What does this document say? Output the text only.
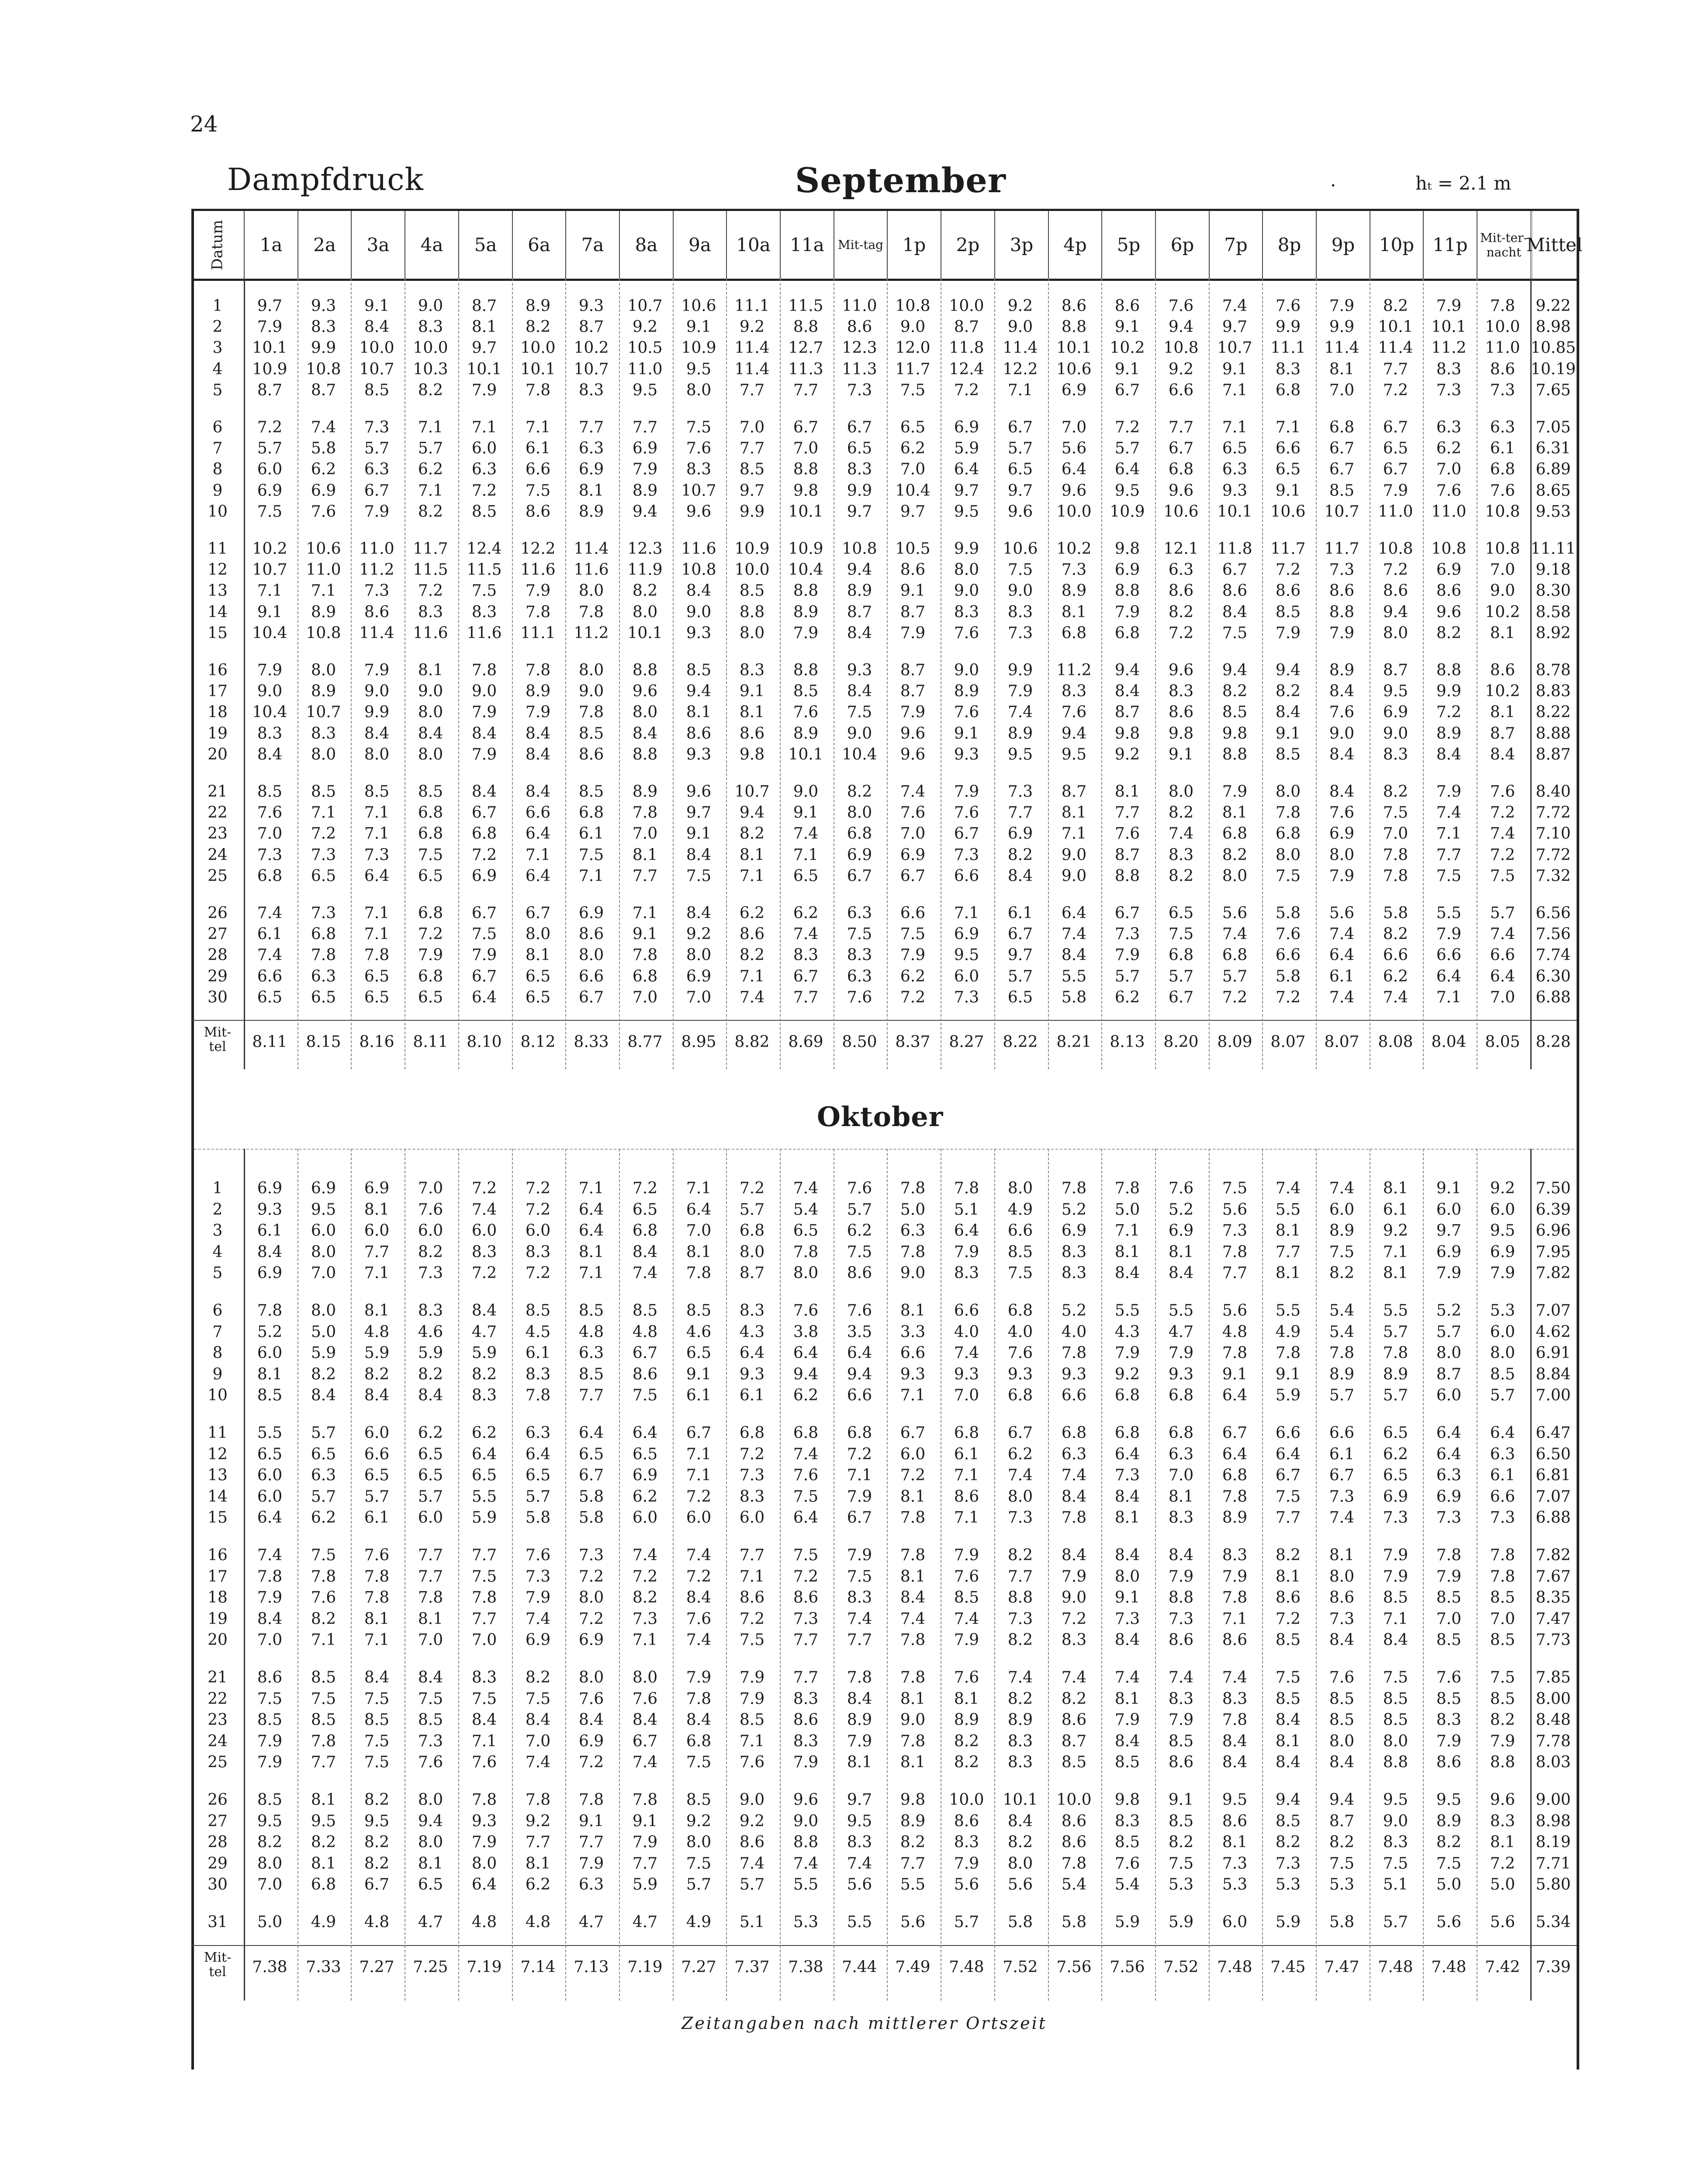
24
Dampfdruck	September	·	hₜ = 2.1 m
Datum 1a 2a 3a 4a 5a 6a 7a 8a 9a 10a 11a Mit-tag 1p 2p 3p 4p 5p 6p 7p 8p 9p 10p 11p Mit-ter-nacht Mittel
1	9.7	9.3	9.1	9.0	8.7	8.9	9.3	10.7	10.6	11.1	11.5	11.0	10.8	10.0	9.2	8.6	8.6	7.6	7.4	7.6	7.9	8.2	7.9	7.8	9.22
2	7.9	8.3	8.4	8.3	8.1	8.2	8.7	9.2	9.1	9.2	8.8	8.6	9.0	8.7	9.0	8.8	9.1	9.4	9.7	9.9	9.9	10.1	10.1	10.0 8.98
3	10.1	9.9	10.0	10.0	9.7	10.0	10.2	10.5	10.9	11.4	12.7	12.3	12.0	11.8	11.4	10.1	10.2	10.8	10.7	11.1	11.4	11.4	11.2	11.0 10.85
4	10.9	10.8	10.7	10.3	10.1	10.1	10.7	11.0	9.5	11.4	11.3	11.3	11.7	12.4	12.2	10.6	9.1	9.2	9.1	8.3	8.1	7.7	8.3	8.6 10.19
5	8.7	8.7	8.5	8.2	7.9	7.8	8.3	9.5	8.0	7.7	7.7	7.3	7.5	7.2	7.1	6.9	6.7	6.6	7.1	6.8	7.0	7.2	7.3	7.3	7.65
6	7.2	7.4	7.3	7.1	7.1	7.1	7.7	7.7	7.5	7.0	6.7	6.7	6.5	6.9	6.7	7.0	7.2	7.7	7.1	7.1	6.8	6.7	6.3	6.3	7.05
7	5.7	5.8	5.7	5.7	6.0	6.1	6.3	6.9	7.6	7.7	7.0	6.5	6.2	5.9	5.7	5.6	5.7	6.7	6.5	6.6	6.7	6.5	6.2	6.1	6.31
8	6.0	6.2	6.3	6.2	6.3	6.6	6.9	7.9	8.3	8.5	8.8	8.3	7.0	6.4	6.5	6.4	6.4	6.8	6.3	6.5	6.7	6.7	7.0	6.8	6.89
9	6.9	6.9	6.7	7.1	7.2	7.5	8.1	8.9	10.7	9.7	9.8	9.9	10.4	9.7	9.7	9.6	9.5	9.6	9.3	9.1	8.5	7.9	7.6	7.6	8.65
10	7.5	7.6	7.9	8.2	8.5	8.6	8.9	9.4	9.6	9.9	10.1	9.7	9.7	9.5	9.6	10.0	10.9	10.6	10.1	10.6	10.7	11.0	11.0	10.8 9.53
11	10.2	10.6	11.0	11.7	12.4	12.2	11.4	12.3	11.6	10.9	10.9	10.8	10.5	9.9	10.6	10.2	9.8	12.1	11.8	11.7	11.7	10.8	10.8	10.8 11.11
12	10.7	11.0	11.2	11.5	11.5	11.6	11.6	11.9	10.8	10.0	10.4	9.4	8.6	8.0	7.5	7.3	6.9	6.3	6.7	7.2	7.3	7.2	6.9	7.0	9.18
13	7.1	7.1	7.3	7.2	7.5	7.9	8.0	8.2	8.4	8.5	8.8	8.9	9.1	9.0	9.0	8.9	8.8	8.6	8.6	8.6	8.6	8.6	8.6	9.0	8.30
14	9.1	8.9	8.6	8.3	8.3	7.8	7.8	8.0	9.0	8.8	8.9	8.7	8.7	8.3	8.3	8.1	7.9	8.2	8.4	8.5	8.8	9.4	9.6	10.2 8.58
15	10.4	10.8	11.4	11.6	11.6	11.1	11.2	10.1	9.3	8.0	7.9	8.4	7.9	7.6	7.3	6.8	6.8	7.2	7.5	7.9	7.9	8.0	8.2	8.1	8.92
16	7.9	8.0	7.9	8.1	7.8	7.8	8.0	8.8	8.5	8.3	8.8	9.3	8.7	9.0	9.9	11.2	9.4	9.6	9.4	9.4	8.9	8.7	8.8	8.6	8.78
17	9.0	8.9	9.0	9.0	9.0	8.9	9.0	9.6	9.4	9.1	8.5	8.4	8.7	8.9	7.9	8.3	8.4	8.3	8.2	8.2	8.4	9.5	9.9	10.2 8.83
18	10.4	10.7	9.9	8.0	7.9	7.9	7.8	8.0	8.1	8.1	7.6	7.5	7.9	7.6	7.4	7.6	8.7	8.6	8.5	8.4	7.6	6.9	7.2	8.1	8.22
19	8.3	8.3	8.4	8.4	8.4	8.4	8.5	8.4	8.6	8.6	8.9	9.0	9.6	9.1	8.9	9.4	9.8	9.8	9.8	9.1	9.0	9.0	8.9	8.7	8.88
20	8.4	8.0	8.0	8.0	7.9	8.4	8.6	8.8	9.3	9.8	10.1	10.4	9.6	9.3	9.5	9.5	9.2	9.1	8.8	8.5	8.4	8.3	8.4	8.4	8.87
21	8.5	8.5	8.5	8.5	8.4	8.4	8.5	8.9	9.6	10.7	9.0	8.2	7.4	7.9	7.3	8.7	8.1	8.0	7.9	8.0	8.4	8.2	7.9	7.6	8.40
22	7.6	7.1	7.1	6.8	6.7	6.6	6.8	7.8	9.7	9.4	9.1	8.0	7.6	7.6	7.7	8.1	7.7	8.2	8.1	7.8	7.6	7.5	7.4	7.2	7.72
23	7.0	7.2	7.1	6.8	6.8	6.4	6.1	7.0	9.1	8.2	7.4	6.8	7.0	6.7	6.9	7.1	7.6	7.4	6.8	6.8	6.9	7.0	7.1	7.4	7.10
24	7.3	7.3	7.3	7.5	7.2	7.1	7.5	8.1	8.4	8.1	7.1	6.9	6.9	7.3	8.2	9.0	8.7	8.3	8.2	8.0	8.0	7.8	7.7	7.2	7.72
25	6.8	6.5	6.4	6.5	6.9	6.4	7.1	7.7	7.5	7.1	6.5	6.7	6.7	6.6	8.4	9.0	8.8	8.2	8.0	7.5	7.9	7.8	7.5	7.5	7.32
26	7.4	7.3	7.1	6.8	6.7	6.7	6.9	7.1	8.4	6.2	6.2	6.3	6.6	7.1	6.1	6.4	6.7	6.5	5.6	5.8	5.6	5.8	5.5	5.7	6.56
27	6.1	6.8	7.1	7.2	7.5	8.0	8.6	9.1	9.2	8.6	7.4	7.5	7.5	6.9	6.7	7.4	7.3	7.5	7.4	7.6	7.4	8.2	7.9	7.4	7.56
28	7.4	7.8	7.8	7.9	7.9	8.1	8.0	7.8	8.0	8.2	8.3	8.3	7.9	9.5	9.7	8.4	7.9	6.8	6.8	6.6	6.4	6.6	6.6	6.6	7.74
29	6.6	6.3	6.5	6.8	6.7	6.5	6.6	6.8	6.9	7.1	6.7	6.3	6.2	6.0	5.7	5.5	5.7	5.7	5.7	5.8	6.1	6.2	6.4	6.4	6.30
30	6.5	6.5	6.5	6.5	6.4	6.5	6.7	7.0	7.0	7.4	7.7	7.6	7.2	7.3	6.5	5.8	6.2	6.7	7.2	7.2	7.4	7.4	7.1	7.0	6.88
Mit-tel	8.11	8.15	8.16	8.11	8.10	8.12	8.33	8.77	8.95	8.82	8.69	8.50	8.37	8.27	8.22	8.21	8.13	8.20	8.09	8.07	8.07	8.08	8.04	8.05 8.28
Oktober
1	6.9	6.9	6.9	7.0	7.2	7.2	7.1	7.2	7.1	7.2	7.4	7.6	7.8	7.8	8.0	7.8	7.8	7.6	7.5	7.4	7.4	8.1	9.1	9.2	7.50
2	9.3	9.5	8.1	7.6	7.4	7.2	6.4	6.5	6.4	5.7	5.4	5.7	5.0	5.1	4.9	5.2	5.0	5.2	5.6	5.5	6.0	6.1	6.0	6.0	6.39
3	6.1	6.0	6.0	6.0	6.0	6.0	6.4	6.8	7.0	6.8	6.5	6.2	6.3	6.4	6.6	6.9	7.1	6.9	7.3	8.1	8.9	9.2	9.7	9.5	6.96
4	8.4	8.0	7.7	8.2	8.3	8.3	8.1	8.4	8.1	8.0	7.8	7.5	7.8	7.9	8.5	8.3	8.1	8.1	7.8	7.7	7.5	7.1	6.9	6.9	7.95
5	6.9	7.0	7.1	7.3	7.2	7.2	7.1	7.4	7.8	8.7	8.0	8.6	9.0	8.3	7.5	8.3	8.4	8.4	7.7	8.1	8.2	8.1	7.9	7.9	7.82
6	7.8	8.0	8.1	8.3	8.4	8.5	8.5	8.5	8.5	8.3	7.6	7.6	8.1	6.6	6.8	5.2	5.5	5.5	5.6	5.5	5.4	5.5	5.2	5.3	7.07
7	5.2	5.0	4.8	4.6	4.7	4.5	4.8	4.8	4.6	4.3	3.8	3.5	3.3	4.0	4.0	4.0	4.3	4.7	4.8	4.9	5.4	5.7	5.7	6.0	4.62
8	6.0	5.9	5.9	5.9	5.9	6.1	6.3	6.7	6.5	6.4	6.4	6.4	6.6	7.4	7.6	7.8	7.9	7.9	7.8	7.8	7.8	7.8	8.0	8.0	6.91
9	8.1	8.2	8.2	8.2	8.2	8.3	8.5	8.6	9.1	9.3	9.4	9.4	9.3	9.3	9.3	9.3	9.2	9.3	9.1	9.1	8.9	8.9	8.7	8.5	8.84
10	8.5	8.4	8.4	8.4	8.3	7.8	7.7	7.5	6.1	6.1	6.2	6.6	7.1	7.0	6.8	6.6	6.8	6.8	6.4	5.9	5.7	5.7	6.0	5.7	7.00
11	5.5	5.7	6.0	6.2	6.2	6.3	6.4	6.4	6.7	6.8	6.8	6.8	6.7	6.8	6.7	6.8	6.8	6.8	6.7	6.6	6.6	6.5	6.4	6.4	6.47
12	6.5	6.5	6.6	6.5	6.4	6.4	6.5	6.5	7.1	7.2	7.4	7.2	6.0	6.1	6.2	6.3	6.4	6.3	6.4	6.4	6.1	6.2	6.4	6.3	6.50
13	6.0	6.3	6.5	6.5	6.5	6.5	6.7	6.9	7.1	7.3	7.6	7.1	7.2	7.1	7.4	7.4	7.3	7.0	6.8	6.7	6.7	6.5	6.3	6.1	6.81
14	6.0	5.7	5.7	5.7	5.5	5.7	5.8	6.2	7.2	8.3	7.5	7.9	8.1	8.6	8.0	8.4	8.4	8.1	7.8	7.5	7.3	6.9	6.9	6.6	7.07
15	6.4	6.2	6.1	6.0	5.9	5.8	5.8	6.0	6.0	6.0	6.4	6.7	7.8	7.1	7.3	7.8	8.1	8.3	8.9	7.7	7.4	7.3	7.3	7.3	6.88
16	7.4	7.5	7.6	7.7	7.7	7.6	7.3	7.4	7.4	7.7	7.5	7.9	7.8	7.9	8.2	8.4	8.4	8.4	8.3	8.2	8.1	7.9	7.8	7.8	7.82
17	7.8	7.8	7.8	7.7	7.5	7.3	7.2	7.2	7.2	7.1	7.2	7.5	8.1	7.6	7.7	7.9	8.0	7.9	7.9	8.1	8.0	7.9	7.9	7.8	7.67
18	7.9	7.6	7.8	7.8	7.8	7.9	8.0	8.2	8.4	8.6	8.6	8.3	8.4	8.5	8.8	9.0	9.1	8.8	7.8	8.6	8.6	8.5	8.5	8.5	8.35
19	8.4	8.2	8.1	8.1	7.7	7.4	7.2	7.3	7.6	7.2	7.3	7.4	7.4	7.4	7.3	7.2	7.3	7.3	7.1	7.2	7.3	7.1	7.0	7.0	7.47
20	7.0	7.1	7.1	7.0	7.0	6.9	6.9	7.1	7.4	7.5	7.7	7.7	7.8	7.9	8.2	8.3	8.4	8.6	8.6	8.5	8.4	8.4	8.5	8.5	7.73
21	8.6	8.5	8.4	8.4	8.3	8.2	8.0	8.0	7.9	7.9	7.7	7.8	7.8	7.6	7.4	7.4	7.4	7.4	7.4	7.5	7.6	7.5	7.6	7.5	7.85
22	7.5	7.5	7.5	7.5	7.5	7.5	7.6	7.6	7.8	7.9	8.3	8.4	8.1	8.1	8.2	8.2	8.1	8.3	8.3	8.5	8.5	8.5	8.5	8.5	8.00
23	8.5	8.5	8.5	8.5	8.4	8.4	8.4	8.4	8.4	8.5	8.6	8.9	9.0	8.9	8.9	8.6	7.9	7.9	7.8	8.4	8.5	8.5	8.3	8.2	8.48
24	7.9	7.8	7.5	7.3	7.1	7.0	6.9	6.7	6.8	7.1	8.3	7.9	7.8	8.2	8.3	8.7	8.4	8.5	8.4	8.1	8.0	8.0	7.9	7.9	7.78
25	7.9	7.7	7.5	7.6	7.6	7.4	7.2	7.4	7.5	7.6	7.9	8.1	8.1	8.2	8.3	8.5	8.5	8.6	8.4	8.4	8.4	8.8	8.6	8.8	8.03
26	8.5	8.1	8.2	8.0	7.8	7.8	7.8	7.8	8.5	9.0	9.6	9.7	9.8	10.0	10.1	10.0	9.8	9.1	9.5	9.4	9.4	9.5	9.5	9.6	9.00
27	9.5	9.5	9.5	9.4	9.3	9.2	9.1	9.1	9.2	9.2	9.0	9.5	8.9	8.6	8.4	8.6	8.3	8.5	8.6	8.5	8.7	9.0	8.9	8.3	8.98
28	8.2	8.2	8.2	8.0	7.9	7.7	7.7	7.9	8.0	8.6	8.8	8.3	8.2	8.3	8.2	8.6	8.5	8.2	8.1	8.2	8.2	8.3	8.2	8.1	8.19
29	8.0	8.1	8.2	8.1	8.0	8.1	7.9	7.7	7.5	7.4	7.4	7.4	7.7	7.9	8.0	7.8	7.6	7.5	7.3	7.3	7.5	7.5	7.5	7.2	7.71
30	7.0	6.8	6.7	6.5	6.4	6.2	6.3	5.9	5.7	5.7	5.5	5.6	5.5	5.6	5.6	5.4	5.4	5.3	5.3	5.3	5.3	5.1	5.0	5.0	5.80
31	5.0	4.9	4.8	4.7	4.8	4.8	4.7	4.7	4.9	5.1	5.3	5.5	5.6	5.7	5.8	5.8	5.9	5.9	6.0	5.9	5.8	5.7	5.6	5.6	5.34
Mit-tel	7.38	7.33	7.27	7.25	7.19	7.14	7.13	7.19	7.27	7.37	7.38	7.44	7.49	7.48	7.52	7.56	7.56	7.52	7.48	7.45	7.47	7.48	7.48	7.42 7.39
Zeitangaben nach mittlerer Ortszeit
